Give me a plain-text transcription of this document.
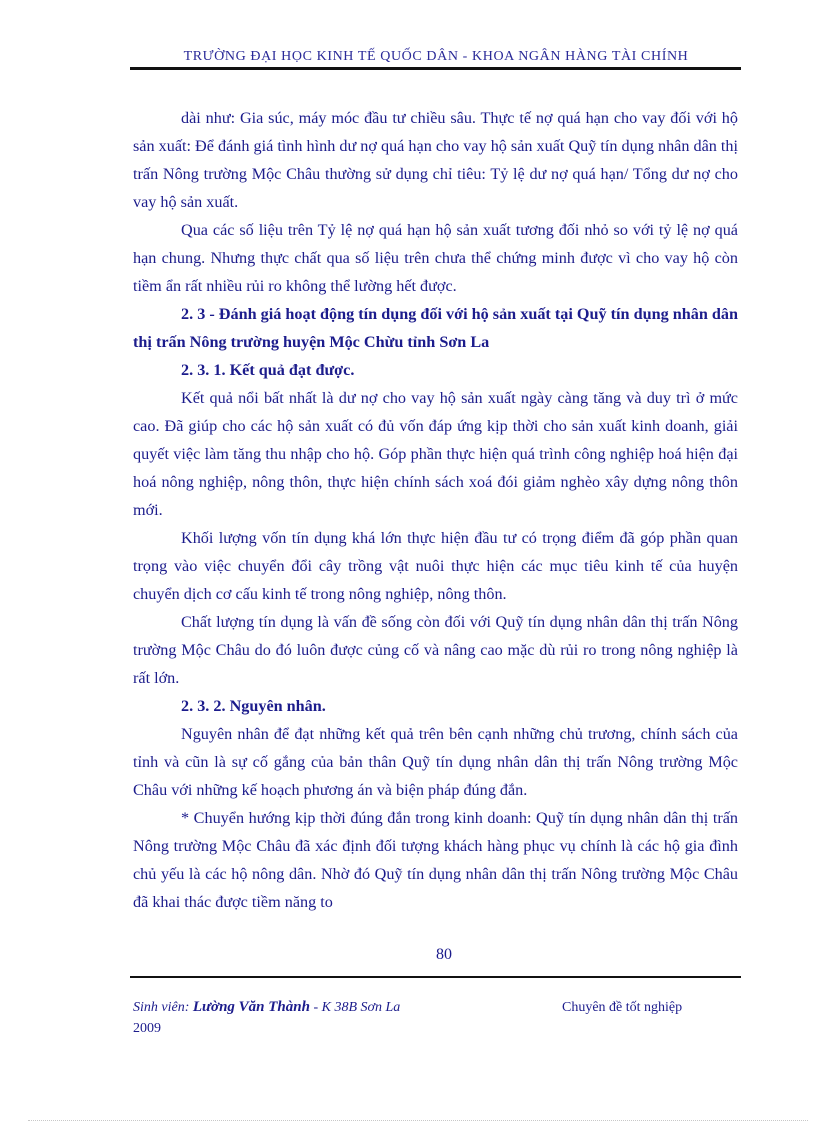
TRƯỜNG ĐẠI HỌC KINH TẾ QUỐC DÂN - KHOA NGÂN HÀNG TÀI CHÍNH

dài như: Gia súc, máy móc đầu tư chiều sâu. Thực tế nợ quá hạn cho vay đối với hộ sản xuất: Để đánh giá tình hình dư nợ quá hạn cho vay hộ sản xuất Quỹ tín dụng nhân dân thị trấn Nông trường Mộc Châu thường sử dụng chỉ tiêu: Tỷ lệ dư nợ quá hạn/ Tổng dư nợ cho vay hộ sản xuất.

Qua các số liệu trên Tỷ lệ nợ quá hạn hộ sản xuất tương đối nhỏ so với tỷ lệ nợ quá hạn chung. Nhưng thực chất qua số liệu trên chưa thể chứng minh được vì cho vay hộ còn tiềm ẩn rất nhiều rủi ro không thể lường hết được.

2. 3 - Đánh giá hoạt động tín dụng đối với hộ sản xuất tại Quỹ tín dụng nhân dân thị trấn Nông trường huyện Mộc Chừu tỉnh Sơn La

2. 3. 1. Kết quả đạt được.

Kết quả nổi bất nhất là dư nợ cho vay hộ sản xuất ngày càng tăng và duy trì ở mức cao. Đã giúp cho các hộ sản xuất có đủ vốn đáp ứng kịp thời cho sản xuất kinh doanh, giải quyết việc làm tăng thu nhập cho hộ. Góp phần thực hiện quá trình công nghiệp hoá hiện đại hoá nông nghiệp, nông thôn, thực hiện chính sách xoá đói giảm nghèo xây dựng nông thôn mới.

Khối lượng vốn tín dụng khá lớn thực hiện đầu tư có trọng điểm đã góp phần quan trọng vào việc chuyển đổi cây trồng vật nuôi thực hiện các mục tiêu kinh tế của huyện chuyển dịch cơ cấu kinh tế trong nông nghiệp, nông thôn.

Chất lượng tín dụng là vấn đề sống còn đối với Quỹ tín dụng nhân dân thị trấn Nông trường Mộc Châu do đó luôn được củng cố và nâng cao mặc dù rủi ro trong nông nghiệp là rất lớn.

2. 3. 2. Nguyên nhân.

Nguyên nhân để đạt những kết quả trên bên cạnh những chủ trương, chính sách của tỉnh và cũn là sự cố gắng của bản thân Quỹ tín dụng nhân dân thị trấn Nông trường Mộc Châu với những kế hoạch phương án và biện pháp đúng đắn.

* Chuyển hướng kịp thời đúng đắn trong kinh doanh: Quỹ tín dụng nhân dân thị trấn Nông trường Mộc Châu đã xác định đối tượng khách hàng phục vụ chính là các hộ gia đình chủ yếu là các hộ nông dân. Nhờ đó Quỹ tín dụng nhân dân thị trấn Nông trường Mộc Châu đã khai thác được tiềm năng to

80
Sinh viên: Lường Văn Thành - K 38B Sơn La
2009
Chuyên đề tốt nghiệp
